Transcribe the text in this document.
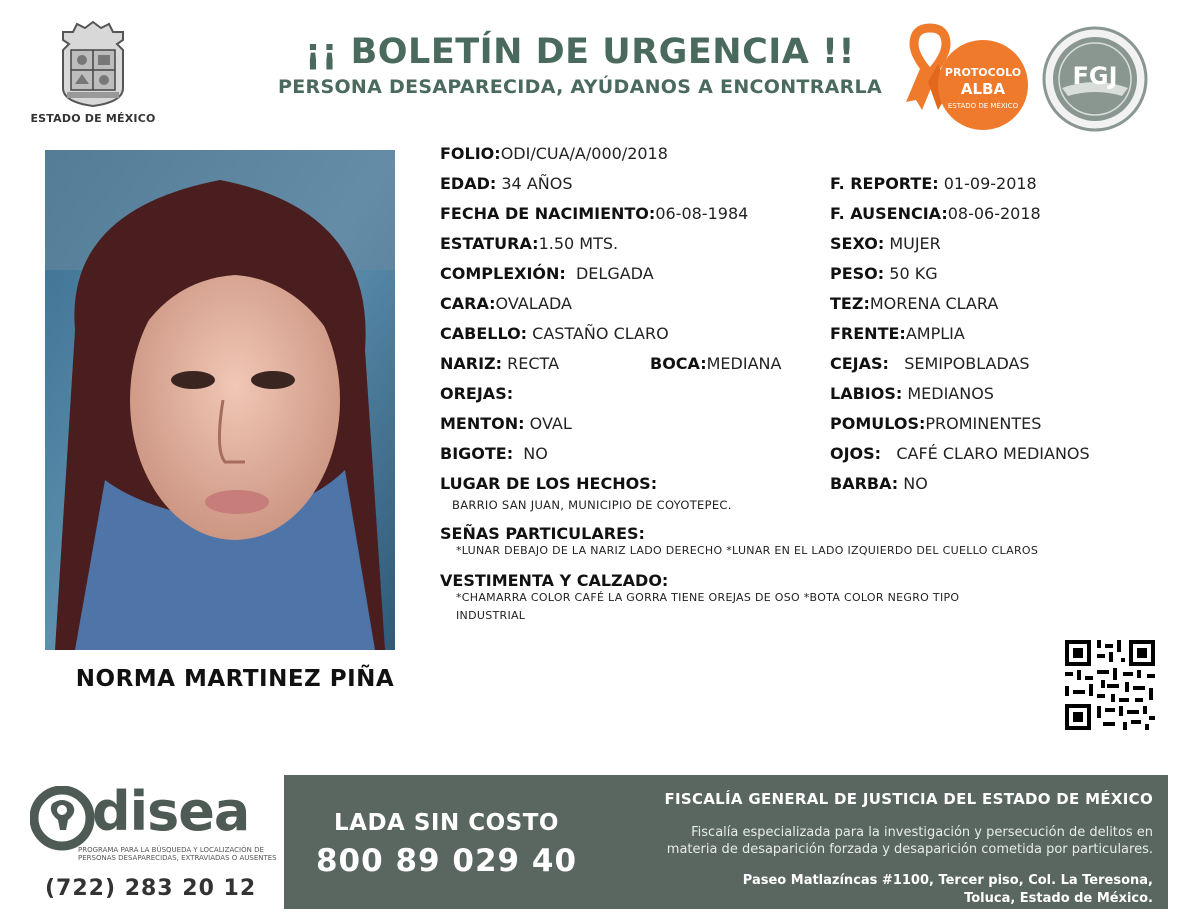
ESTADO DE MÉXICO
¡¡ BOLETÍN DE URGENCIA !!
PERSONA DESAPARECIDA, AYÚDANOS A ENCONTRARLA
PROTOCOLO
ALBA
ESTADO DE MÉXICO
FGJ
NORMA MARTINEZ PIÑA
FOLIO:ODI/CUA/A/000/2018
EDAD: 34 AÑOS	F. REPORTE: 01-09-2018
FECHA DE NACIMIENTO:06-08-1984	F. AUSENCIA:08-06-2018
ESTATURA:1.50 MTS.	SEXO: MUJER
COMPLEXIÓN: DELGADA	PESO: 50 KG
CARA:OVALADA	TEZ:MORENA CLARA
CABELLO: CASTAÑO CLARO	FRENTE:AMPLIA
NARIZ: RECTA	BOCA:MEDIANA	CEJAS: SEMIPOBLADAS
OREJAS:	LABIOS: MEDIANOS
MENTON: OVAL	POMULOS:PROMINENTES
BIGOTE: NO	OJOS: CAFÉ CLARO MEDIANOS
LUGAR DE LOS HECHOS:	BARBA: NO
BARRIO SAN JUAN, MUNICIPIO DE COYOTEPEC.
SEÑAS PARTICULARES:
*LUNAR DEBAJO DE LA NARIZ LADO DERECHO *LUNAR EN EL LADO IZQUIERDO DEL CUELLO CLAROS
VESTIMENTA Y CALZADO:
*CHAMARRA COLOR CAFÉ LA GORRA TIENE OREJAS DE OSO *BOTA COLOR NEGRO TIPO
INDUSTRIAL
disea
PROGRAMA PARA LA BÚSQUEDA Y LOCALIZACIÓN DE PERSONAS DESAPARECIDAS, EXTRAVIADAS O AUSENTES
(722) 283 20 12
LADA SIN COSTO
800 89 029 40
FISCALÍA GENERAL DE JUSTICIA DEL ESTADO DE MÉXICO
Fiscalía especializada para la investigación y persecución de delitos en
materia de desaparición forzada y desaparición cometida por particulares.
Paseo Matlazíncas #1100, Tercer piso, Col. La Teresona,
Toluca, Estado de México.
